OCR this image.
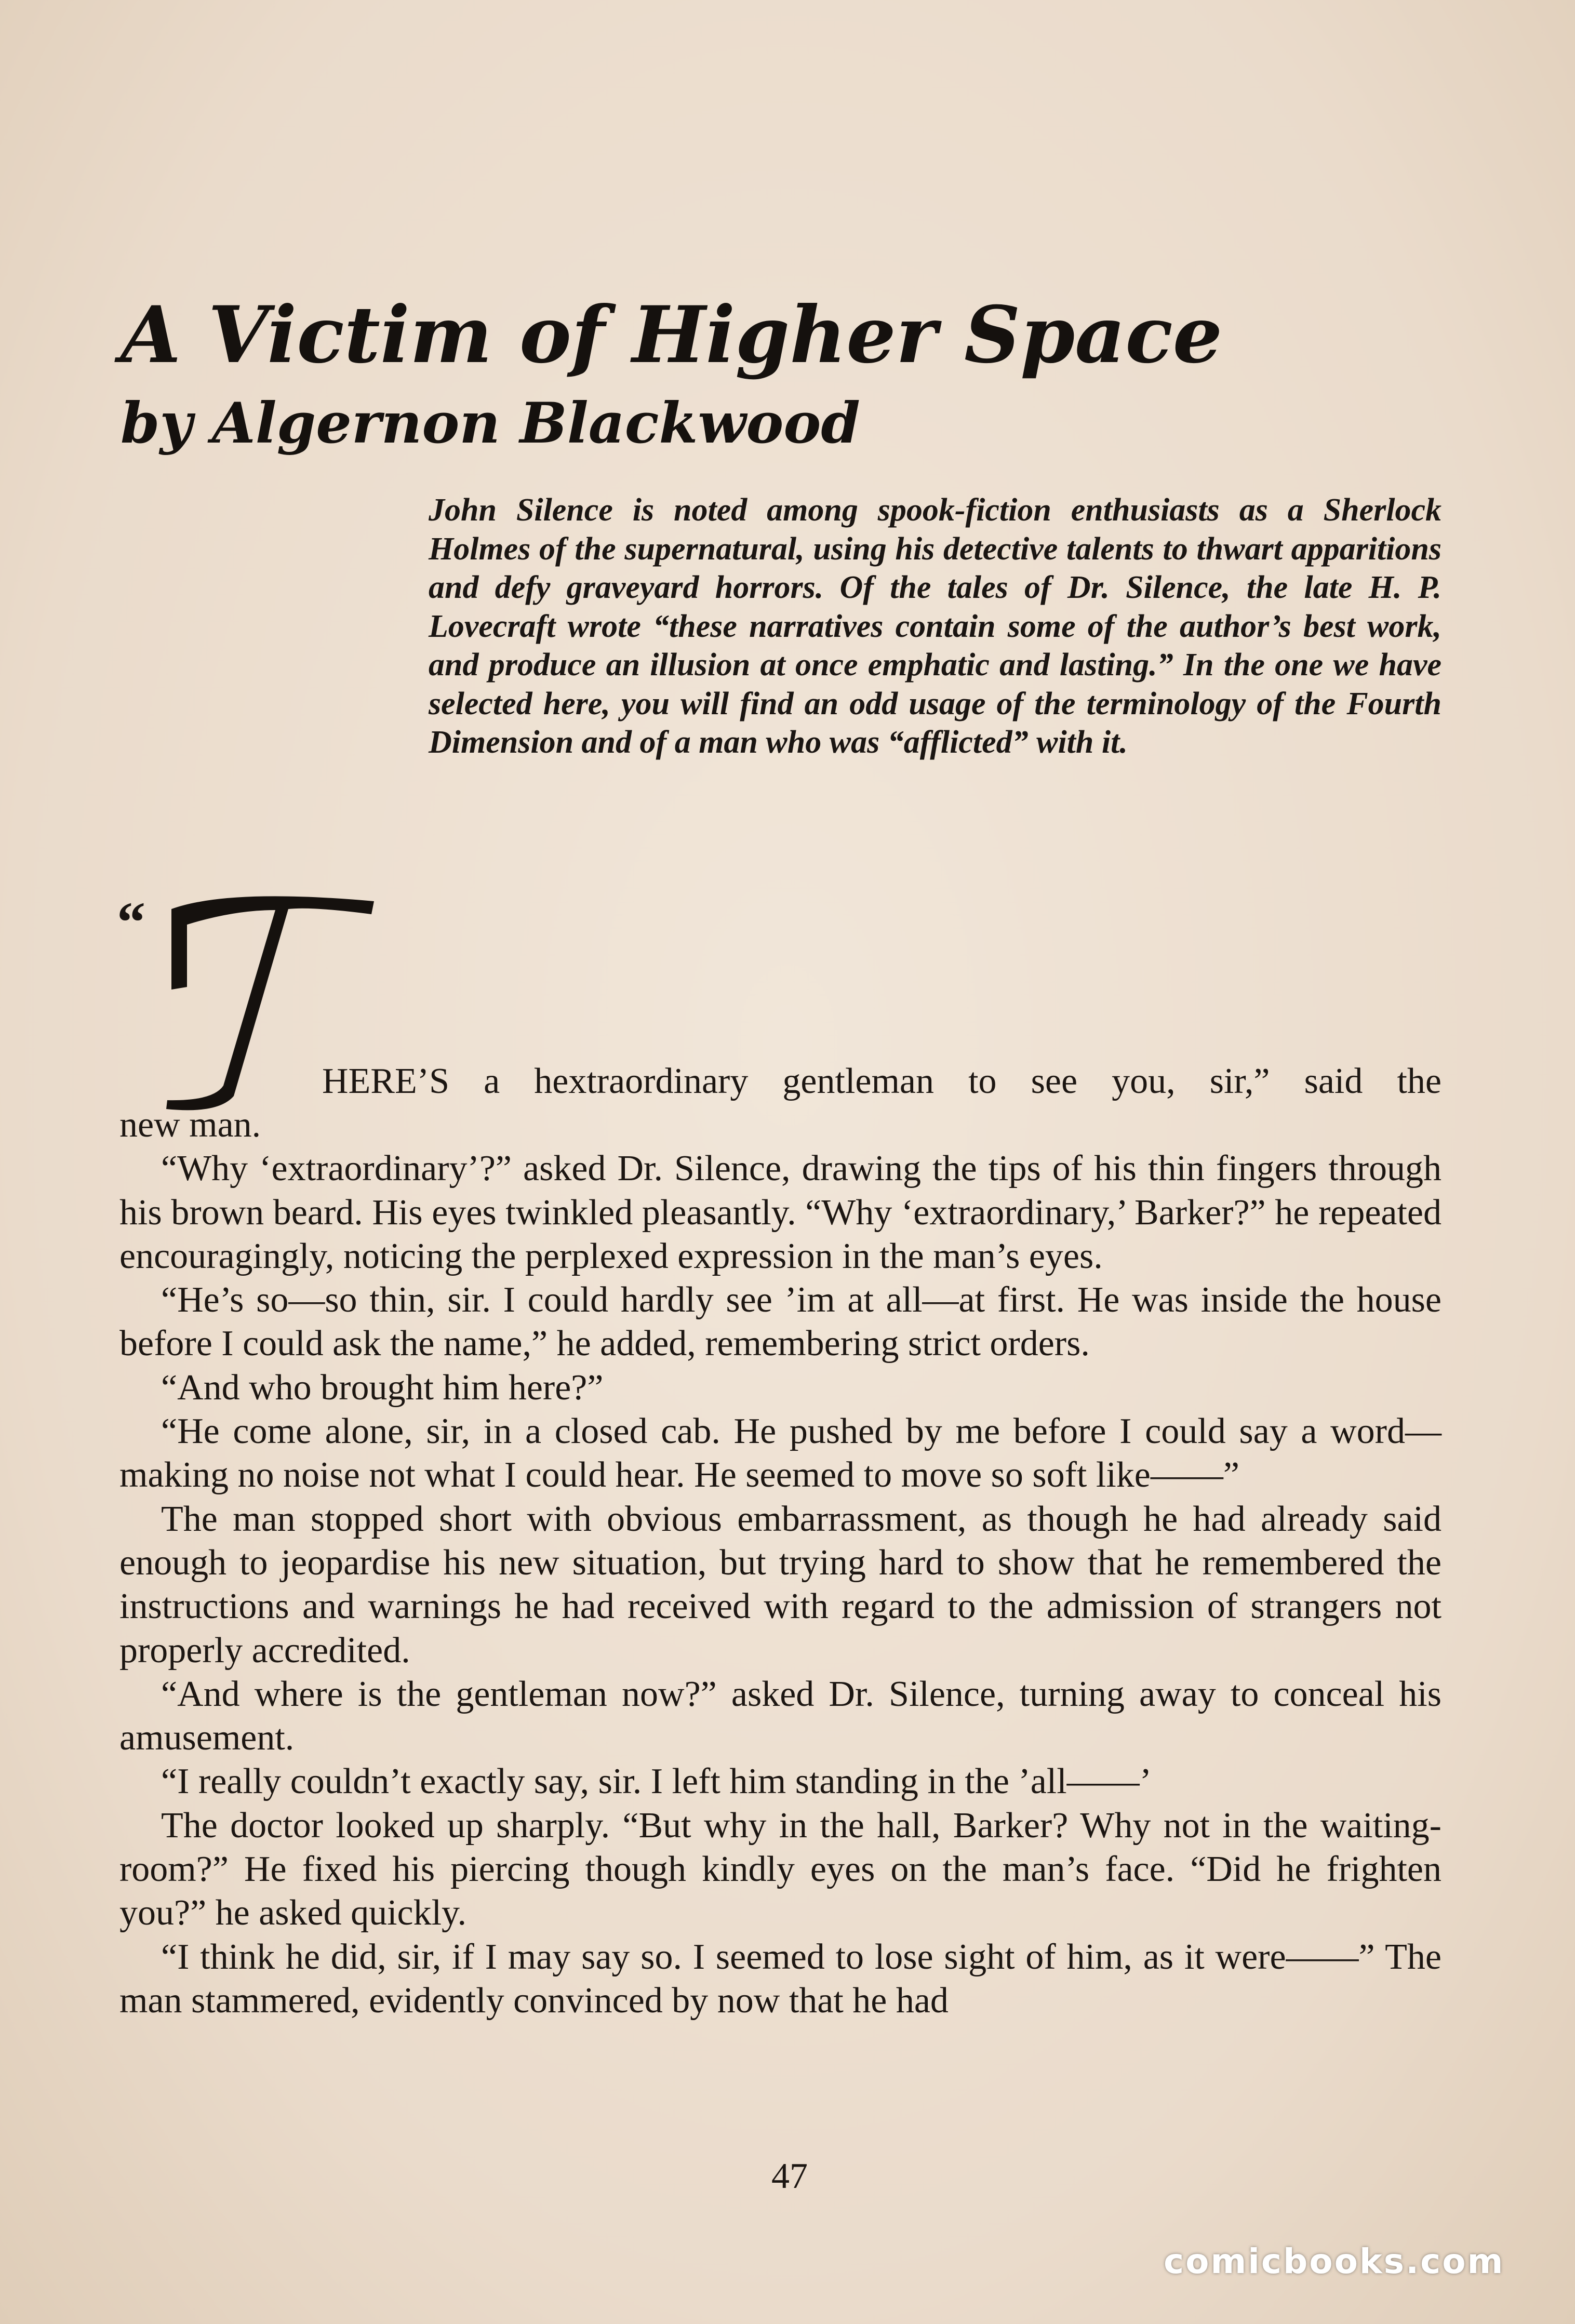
A Victim of Higher Space
by Algernon Blackwood

John Silence is noted among spook-fiction enthusiasts as a Sherlock Holmes of the supernatural, using his detective talents to thwart apparitions and defy graveyard horrors. Of the tales of Dr. Silence, the late H. P. Lovecraft wrote “these narratives contain some of the author’s best work, and produce an illusion at once emphatic and lasting.” In the one we have selected here, you will find an odd usage of the terminology of the Fourth Dimension and of a man who was “afflicted” with it.

“

HERE’S a hextraordinary gentleman to see you, sir,” said the
new man.

“Why ‘extraordinary’?” asked Dr. Silence, drawing the tips of his thin fingers through his brown beard. His eyes twinkled pleasantly. “Why ‘extraordinary,’ Barker?” he repeated encouragingly, noticing the perplexed expression in the man’s eyes.

“He’s so—so thin, sir. I could hardly see ’im at all—at first. He was inside the house before I could ask the name,” he added, remembering strict orders.

“And who brought him here?”

“He come alone, sir, in a closed cab. He pushed by me before I could say a word—making no noise not what I could hear. He seemed to move so soft like——”

The man stopped short with obvious embarrassment, as though he had already said enough to jeopardise his new situation, but trying hard to show that he remembered the instructions and warnings he had received with regard to the admission of strangers not properly accredited.

“And where is the gentleman now?” asked Dr. Silence, turning away to conceal his amusement.

“I really couldn’t exactly say, sir. I left him standing in the ’all——’

The doctor looked up sharply. “But why in the hall, Barker? Why not in the waiting-room?” He fixed his piercing though kindly eyes on the man’s face. “Did he frighten you?” he asked quickly.

“I think he did, sir, if I may say so. I seemed to lose sight of him, as it were——” The man stammered, evidently convinced by now that he had

47
comicbooks.com
